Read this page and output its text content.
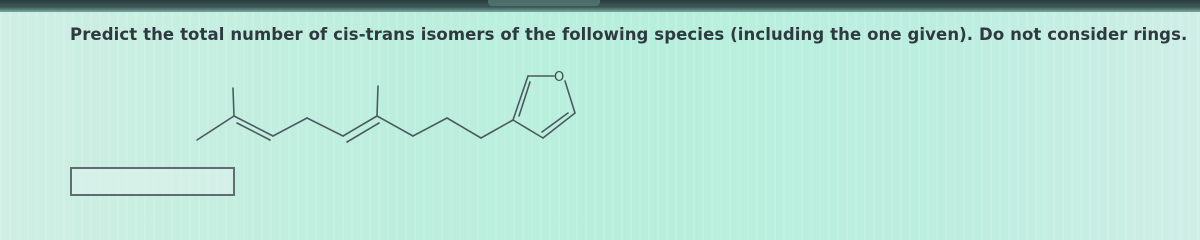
Predict the total number of cis-trans isomers of the following species (including the one given). Do not consider rings.

O
